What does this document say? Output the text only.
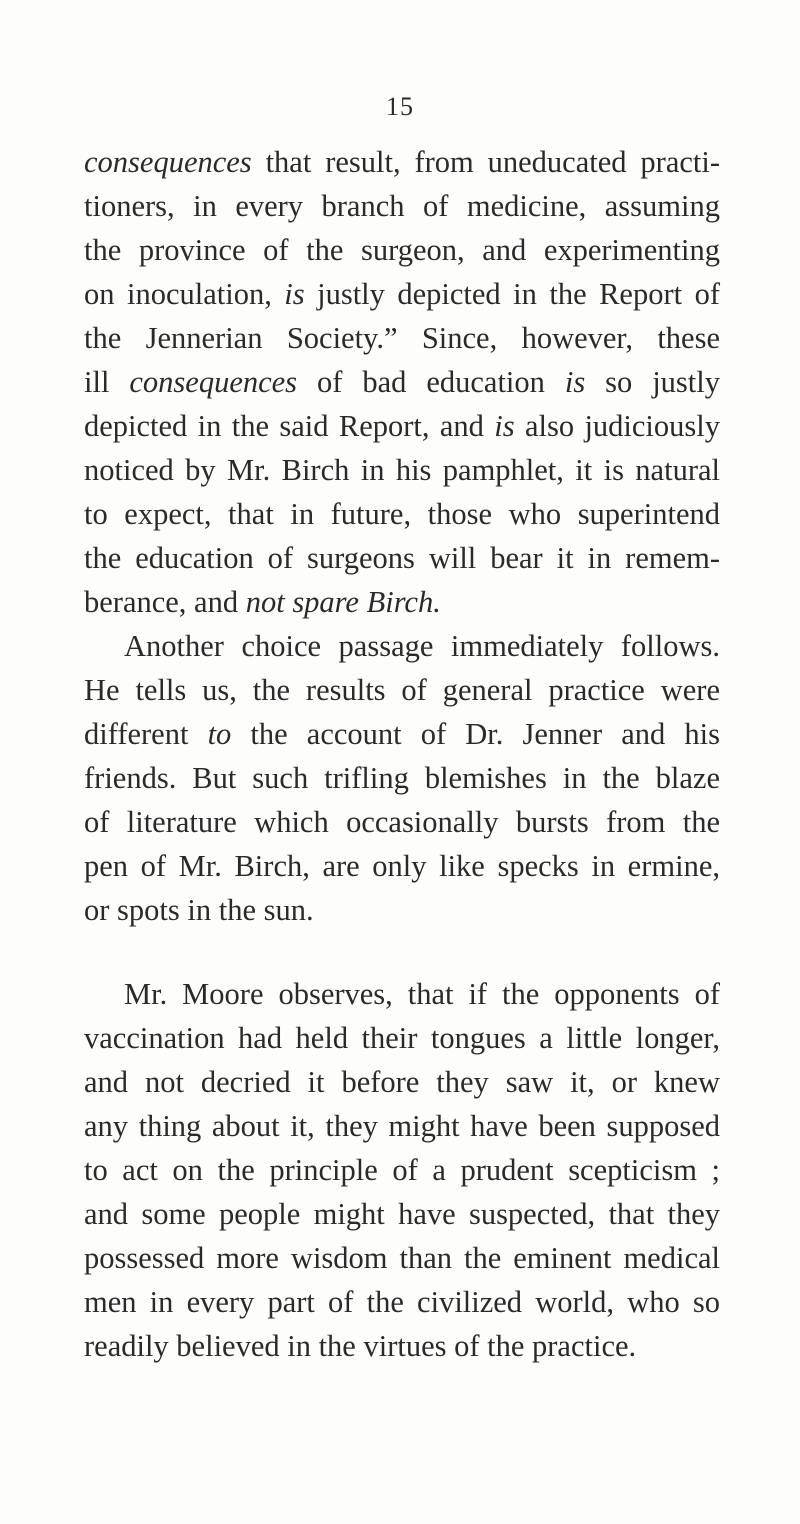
15
consequences that result, from uneducated practi-
tioners, in every branch of medicine, assuming
the province of the surgeon, and experimenting
on inoculation, is justly depicted in the Report of
the Jennerian Society.” Since, however, these
ill consequences of bad education is so justly
depicted in the said Report, and is also judiciously
noticed by Mr. Birch in his pamphlet, it is natural
to expect, that in future, those who superintend
the education of surgeons will bear it in remem-
berance, and not spare Birch.
Another choice passage immediately follows.
He tells us, the results of general practice were
different to the account of Dr. Jenner and his
friends. But such trifling blemishes in the blaze
of literature which occasionally bursts from the
pen of Mr. Birch, are only like specks in ermine,
or spots in the sun.
Mr. Moore observes, that if the opponents of
vaccination had held their tongues a little longer,
and not decried it before they saw it, or knew
any thing about it, they might have been supposed
to act on the principle of a prudent scepticism ;
and some people might have suspected, that they
possessed more wisdom than the eminent medical
men in every part of the civilized world, who so
readily believed in the virtues of the practice.
